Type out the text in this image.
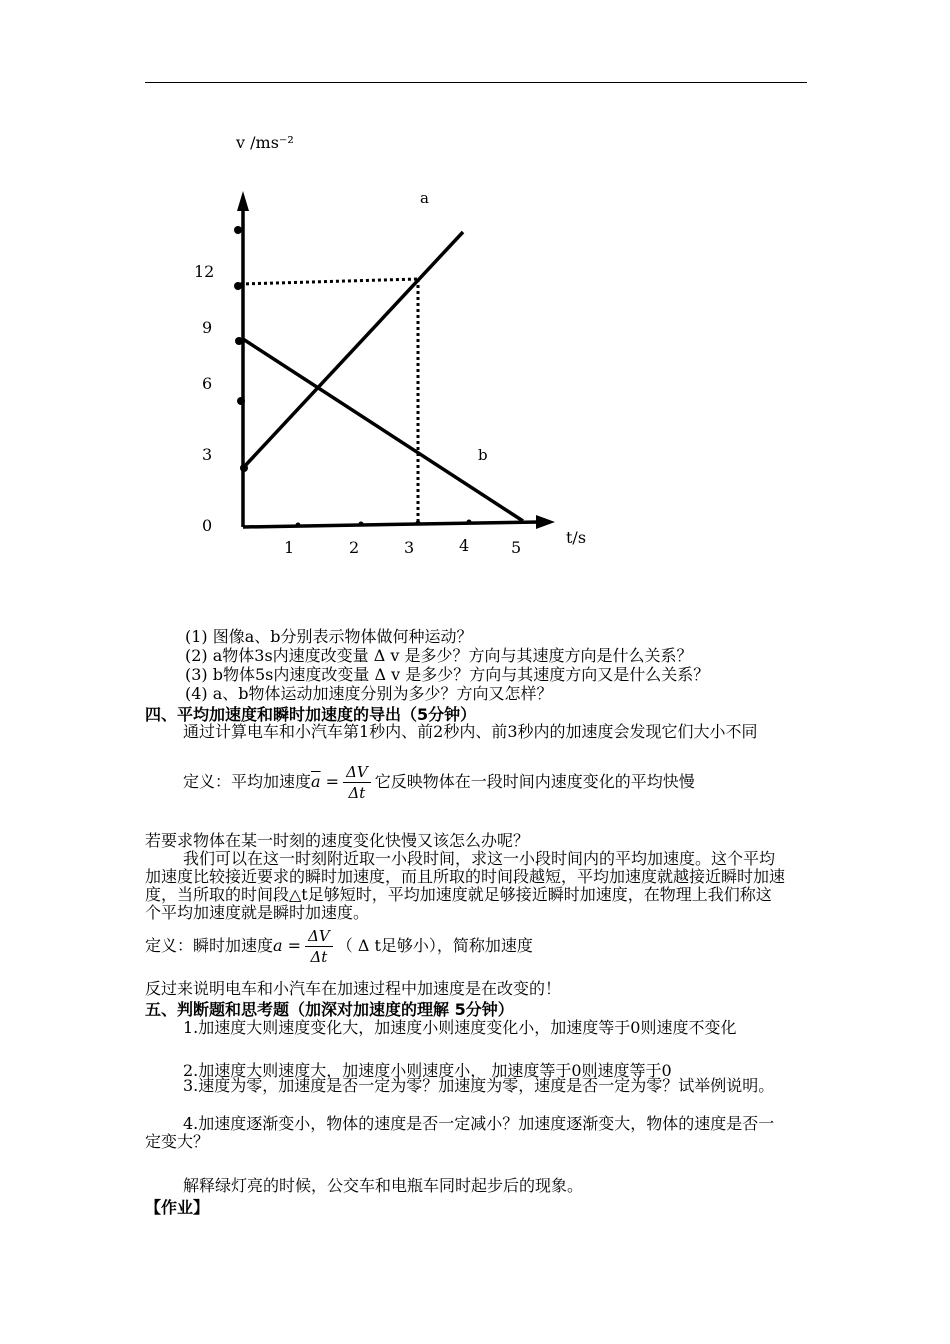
v /ms⁻²
a
b
t/s
12
9
6
3
0
1	2	3	4	5
(1) 图像a、b分别表示物体做何种运动？
(2) a物体3s内速度改变量 Δ v 是多少？方向与其速度方向是什么关系？
(3) b物体5s内速度改变量 Δ v 是多少？方向与其速度方向又是什么关系？
(4) a、b物体运动加速度分别为多少？方向又怎样？
四、平均加速度和瞬时加速度的导出（5分钟）
通过计算电车和小汽车第1秒内、前2秒内、前3秒内的加速度会发现它们大小不同
定义：平均加速度$\overline{a} = \frac{\Delta V}{\Delta t}$ 它反映物体在一段时间内速度变化的平均快慢
若要求物体在某一时刻的速度变化快慢又该怎么办呢？
我们可以在这一时刻附近取一小段时间，求这一小段时间内的平均加速度。这个平均加速度比较接近要求的瞬时加速度，而且所取的时间段越短，平均加速度就越接近瞬时加速度，当所取的时间段△t足够短时，平均加速度就足够接近瞬时加速度，在物理上我们称这个平均加速度就是瞬时加速度。
定义：瞬时加速度$a = \frac{\Delta V}{\Delta t}$ （ Δ t足够小），简称加速度
反过来说明电车和小汽车在加速过程中加速度是在改变的！
五、判断题和思考题（加深对加速度的理解 5分钟）
1.加速度大则速度变化大，加速度小则速度变化小，加速度等于0则速度不变化
2.加速度大则速度大，加速度小则速度小， 加速度等于0则速度等于0
3.速度为零，加速度是否一定为零？加速度为零，速度是否一定为零？试举例说明。
4.加速度逐渐变小，物体的速度是否一定减小？加速度逐渐变大，物体的速度是否一定变大？
解释绿灯亮的时候，公交车和电瓶车同时起步后的现象。
【作业】
